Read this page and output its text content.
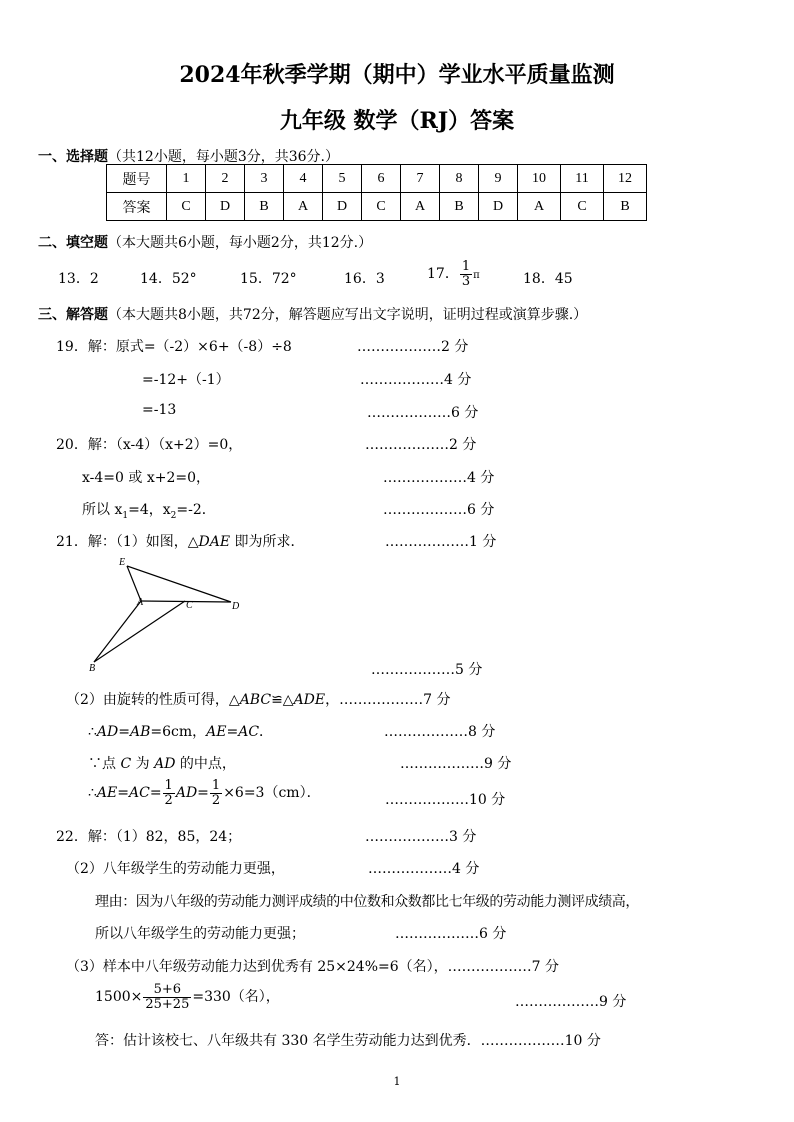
2024年秋季学期（期中）学业水平质量监测
九年级 数学（RJ）答案
一、选择题（共12小题，每小题3分，共36分.）
题号	1	2	3	4	5	6	7	8	9	10	11	12
答案	C	D	B	A	D	C	A	B	D	A	C	B
二、填空题（本大题共6小题，每小题2分，共12分.）
13．2	14．52°	15．72°	16．3	17． $\frac{1}{3}$ π	18．45
三、解答题（本大题共8小题，共72分，解答题应写出文字说明，证明过程或演算步骤.）
19．解：原式=（-2）×6+（-8）÷8	………………2 分
=-12+（-1）	………………4 分
=-13	………………6 分
20．解：（x-4）（x+2）=0，	………………2 分
x-4=0 或 x+2=0，	………………4 分
所以 $x_1=4$，$x_2=-2$．	………………6 分
21．解：（1）如图，△DAE 即为所求．	………………1 分
E
A	C	D
B	………………5 分
（2）由旋转的性质可得，△ABC≌△ADE，………………7 分
∴AD=AB=6cm，AE=AC．	………………8 分
∵点 C 为 AD 的中点，	………………9 分
∴AE=AC= $\frac{1}{2} AD= \frac{1}{2} \times 6=3(cm)$．	………………10 分
22．解：（1）82，85，24；	………………3 分
（2）八年级学生的劳动能力更强，	………………4 分
理由：因为八年级的劳动能力测评成绩的中位数和众数都比七年级的劳动能力测评成绩高，
所以八年级学生的劳动能力更强；	………………6 分
（3）样本中八年级劳动能力达到优秀有 25×24%=6（名），………………7 分
$1500\times \frac{5+6}{25+25} =330$（名），	………………9 分
答：估计该校七、八年级共有 330 名学生劳动能力达到优秀．………………10 分
1
